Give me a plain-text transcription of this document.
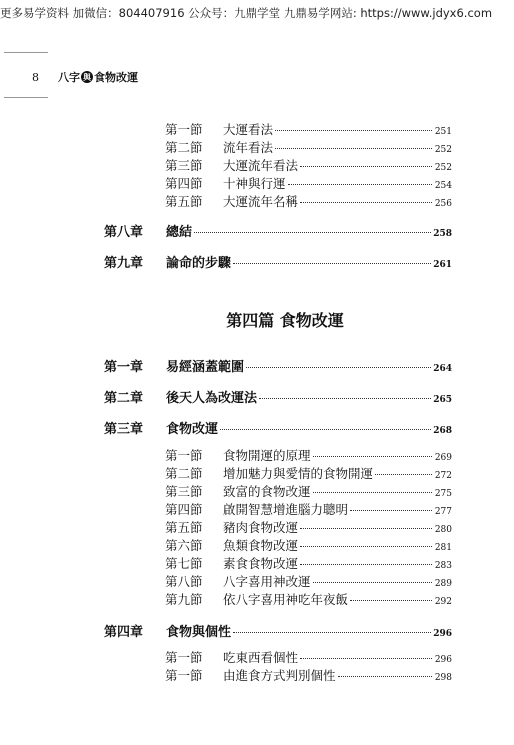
更多易学资料 加微信：804407916 公众号：九鼎学堂 九鼎易学网站: https://www.jdyx6.com
8	八字 與 食物改運
第一節	大運看法	251
第二節	流年看法	252
第三節	大運流年看法	252
第四節	十神與行運	254
第五節	大運流年名稱	256
第八章	總結	258
第九章	論命的步驟	261
第四篇 食物改運
第一章	易經涵蓋範圍	264
第二章	後天人為改運法	265
第三章	食物改運	268
第一節	食物開運的原理	269
第二節	增加魅力與愛情的食物開運	272
第三節	致富的食物改運	275
第四節	啟開智慧增進腦力聰明	277
第五節	豬肉食物改運	280
第六節	魚類食物改運	281
第七節	素食食物改運	283
第八節	八字喜用神改運	289
第九節	依八字喜用神吃年夜飯	292
第四章	食物與個性	296
第一節	吃東西看個性	296
第一節	由進食方式判別個性	298
